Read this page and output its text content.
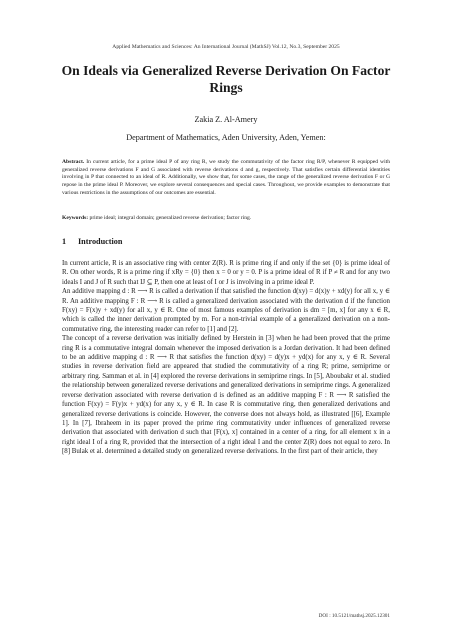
Applied Mathematics and Sciences: An International Journal (MathSJ) Vol.12, No.3, September 2025
On Ideals via Generalized Reverse Derivation On Factor Rings
Zakia Z. Al-Amery
Department of Mathematics, Aden University, Aden, Yemen:

Abstract. In current article, for a prime ideal P of any ring R, we study the commutativity of the factor ring R/P, whenever R equipped with generalized reverse derivations F and G associated with reverse derivations d and g, respectively. That satisfies certain differential identities involving in P that connected to an ideal of R. Additionally, we show that, for some cases, the range of the generalized reverse derivation F or G repose in the prime ideal P. Moreover, we explore several consequences and special cases. Throughout, we provide examples to demonstrate that various restrictions in the assumptions of our outcomes are essential.

Keywords: prime ideal; integral domain; generalized reverse derivation; factor ring.

1 Introduction

In current article, R is an associative ring with center Z(R). R is prime ring if and only if the set {0} is prime ideal of R. On other words, R is a prime ring if xRy = {0} then x = 0 or y = 0. P is a prime ideal of R if P ≠ R and for any two ideals I and J of R such that IJ ⊆ P, then one at least of I or J is involving in a prime ideal P.

An additive mapping d : R ⟶ R is called a derivation if that satisfied the function d(xy) = d(x)y + xd(y) for all x, y ∈ R. An additive mapping F : R ⟶ R is called a generalized derivation associated with the derivation d if the function F(xy) = F(x)y + xd(y) for all x, y ∈ R. One of most famous examples of derivation is dm = [m, x] for any x ∈ R, which is called the inner derivation prompted by m. For a non-trivial example of a generalized derivation on a non-commutative ring, the interesting reader can refer to [1] and [2].

The concept of a reverse derivation was initially defined by Herstein in [3] when he had been proved that the prime ring R is a commutative integral domain whenever the imposed derivation is a Jordan derivation. It had been defined to be an additive mapping d : R ⟶ R that satisfies the function d(xy) = d(y)x + yd(x) for any x, y ∈ R. Several studies in reverse derivation field are appeared that studied the commutativity of a ring R; prime, semiprime or arbitrary ring. Samman et al. in [4] explored the reverse derivations in semiprime rings. In [5], Aboubakr et al. studied the relationship between generalized reverse derivations and generalized derivations in semiprime rings. A generalized reverse derivation associated with reverse derivation d is defined as an additive mapping F : R ⟶ R satisfied the function F(xy) = F(y)x + yd(x) for any x, y ∈ R. In case R is commutative ring, then generalized derivations and generalized reverse derivations is coincide. However, the converse does not always hold, as illustrated [[6], Example 1]. In [7], Ibraheem in its paper proved the prime ring commutativity under influences of generalized reverse derivation that associated with derivation d such that [F(x), x] contained in a center of a ring, for all element x in a right ideal I of a ring R, provided that the intersection of a right ideal I and the center Z(R) does not equal to zero. In [8] Bulak et al. determined a detailed study on generalized reverse derivations. In the first part of their article, they

DOI : 10.5121/mathsj.2025.12301
